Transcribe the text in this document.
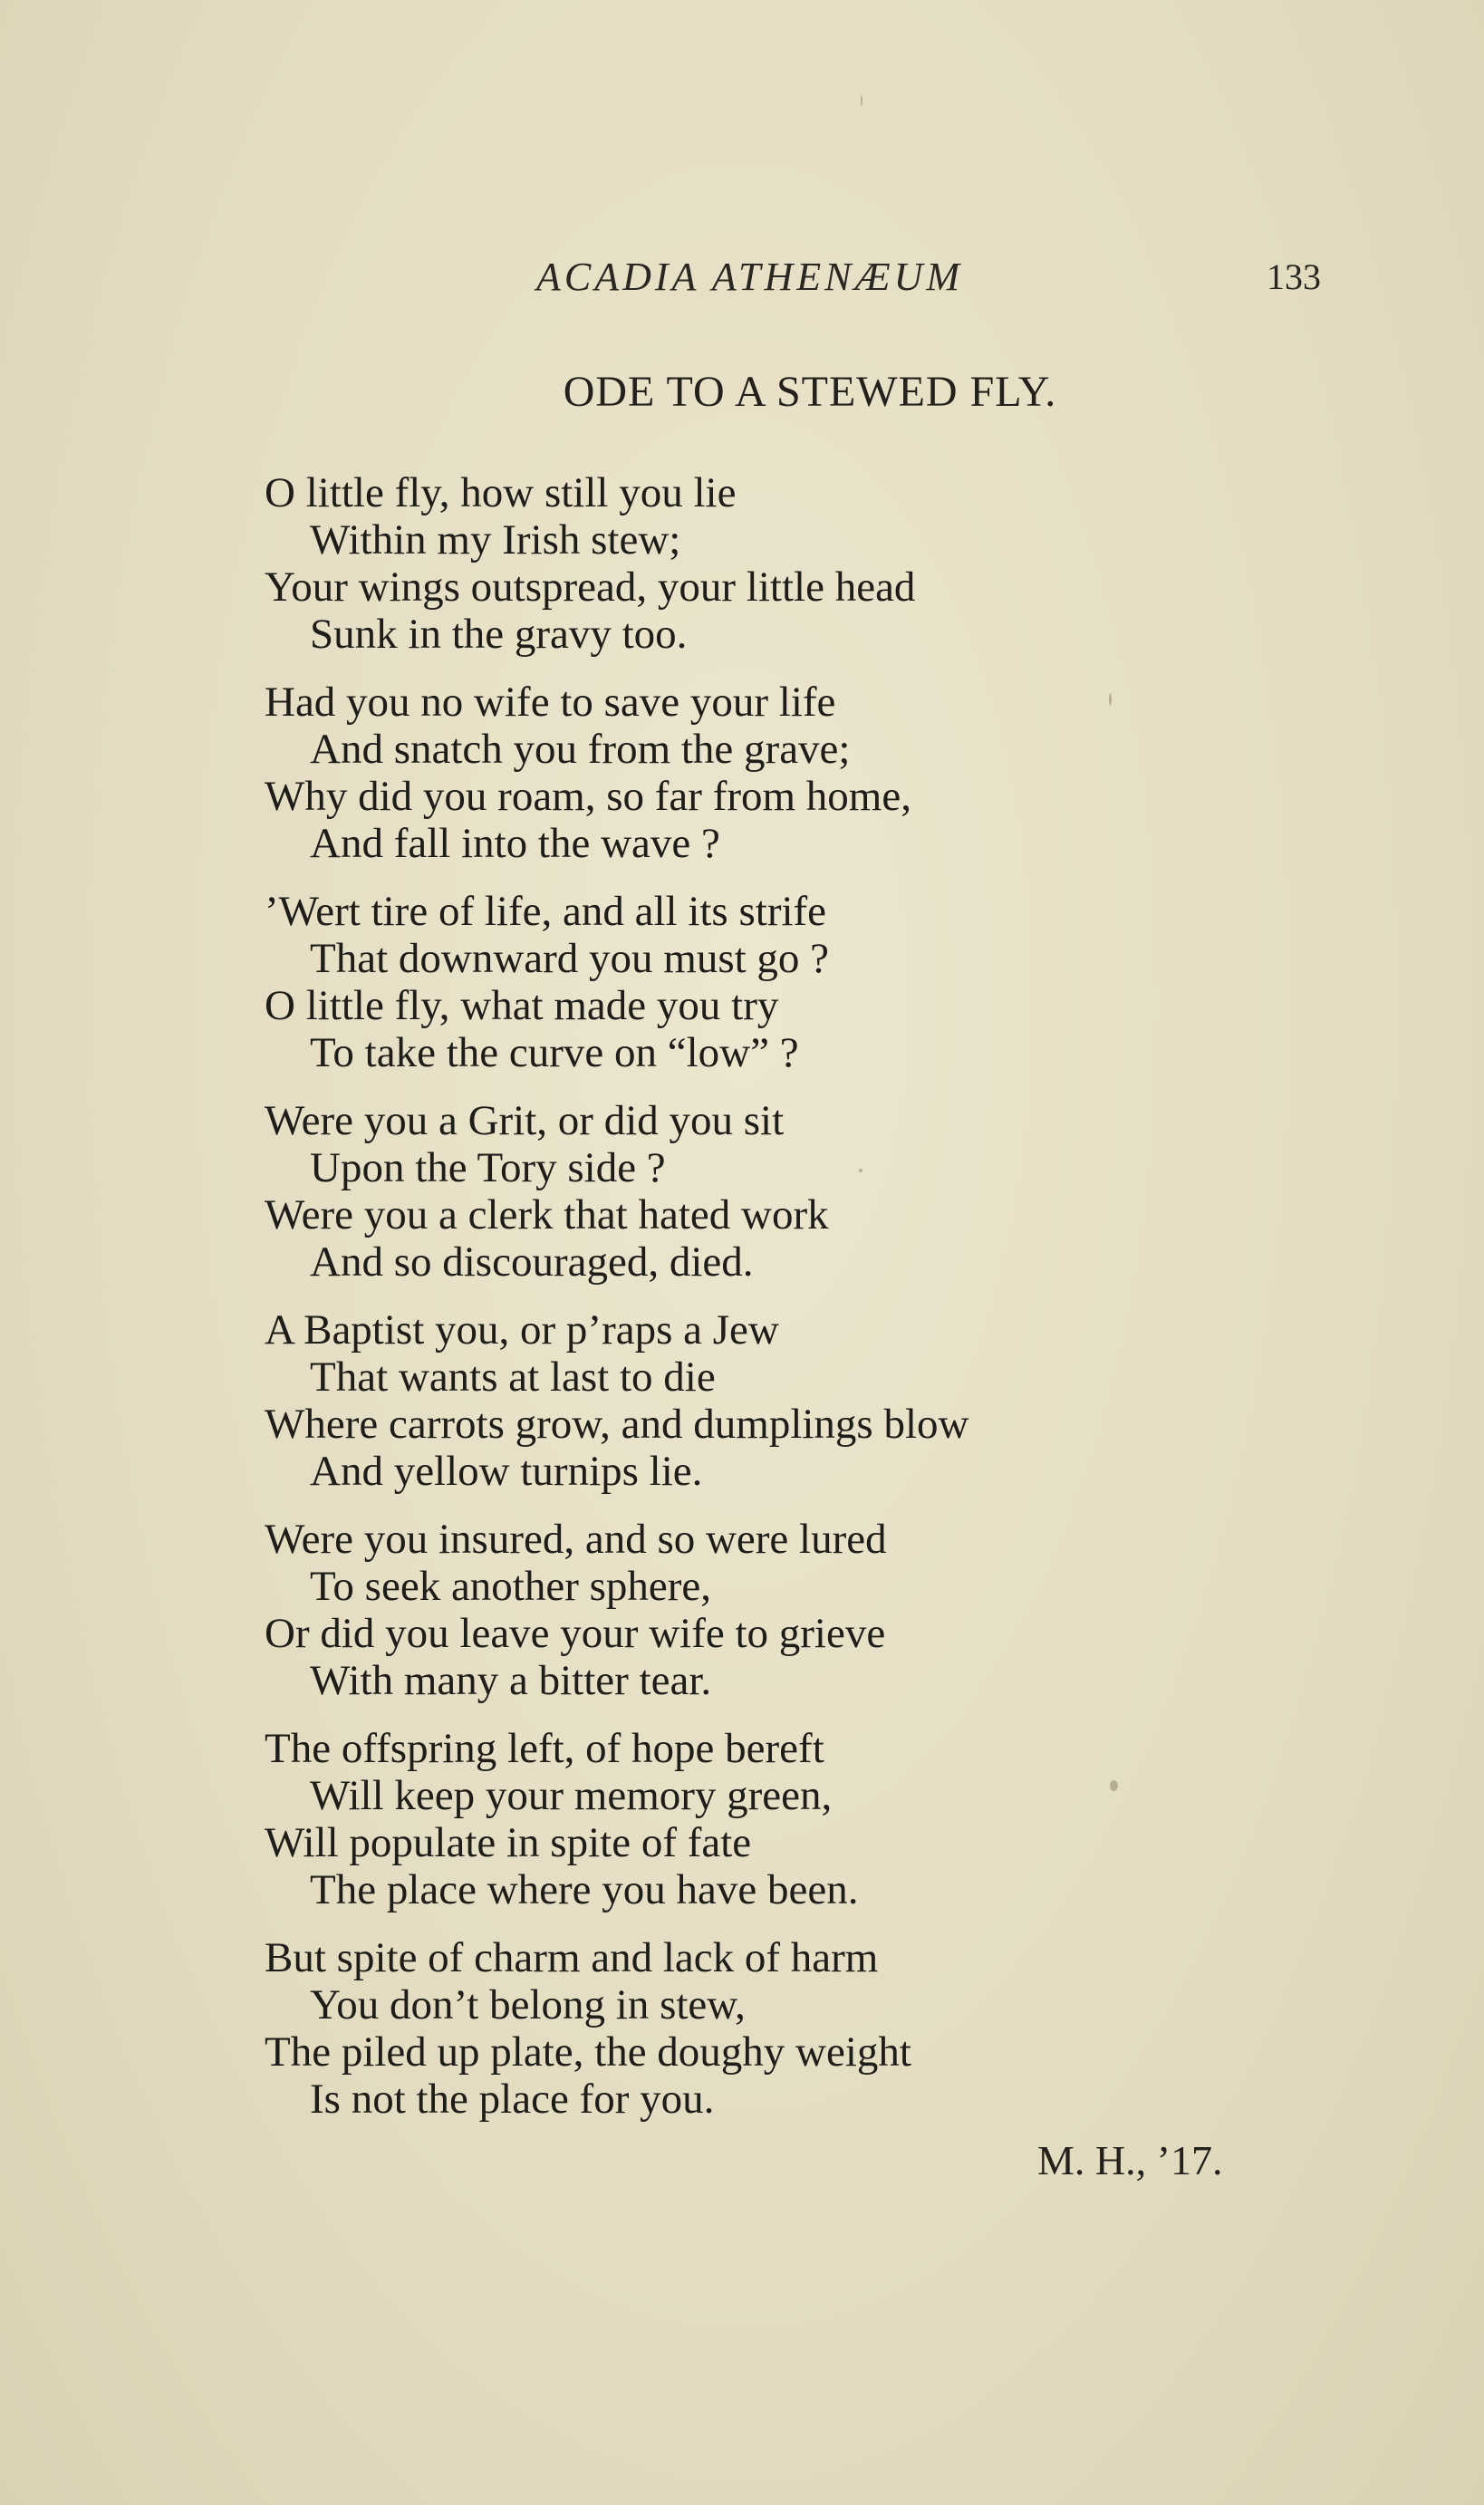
ACADIA ATHENÆUM	133
ODE TO A STEWED FLY.
O little fly, how still you lie
Within my Irish stew;
Your wings outspread, your little head
Sunk in the gravy too.
Had you no wife to save your life
And snatch you from the grave;
Why did you roam, so far from home,
And fall into the wave ?
’Wert tire of life, and all its strife
That downward you must go ?
O little fly, what made you try
To take the curve on “low” ?
Were you a Grit, or did you sit
Upon the Tory side ?
Were you a clerk that hated work
And so discouraged, died.
A Baptist you, or p’raps a Jew
That wants at last to die
Where carrots grow, and dumplings blow
And yellow turnips lie.
Were you insured, and so were lured
To seek another sphere,
Or did you leave your wife to grieve
With many a bitter tear.
The offspring left, of hope bereft
Will keep your memory green,
Will populate in spite of fate
The place where you have been.
But spite of charm and lack of harm
You don’t belong in stew,
The piled up plate, the doughy weight
Is not the place for you.
M. H., ’17.
